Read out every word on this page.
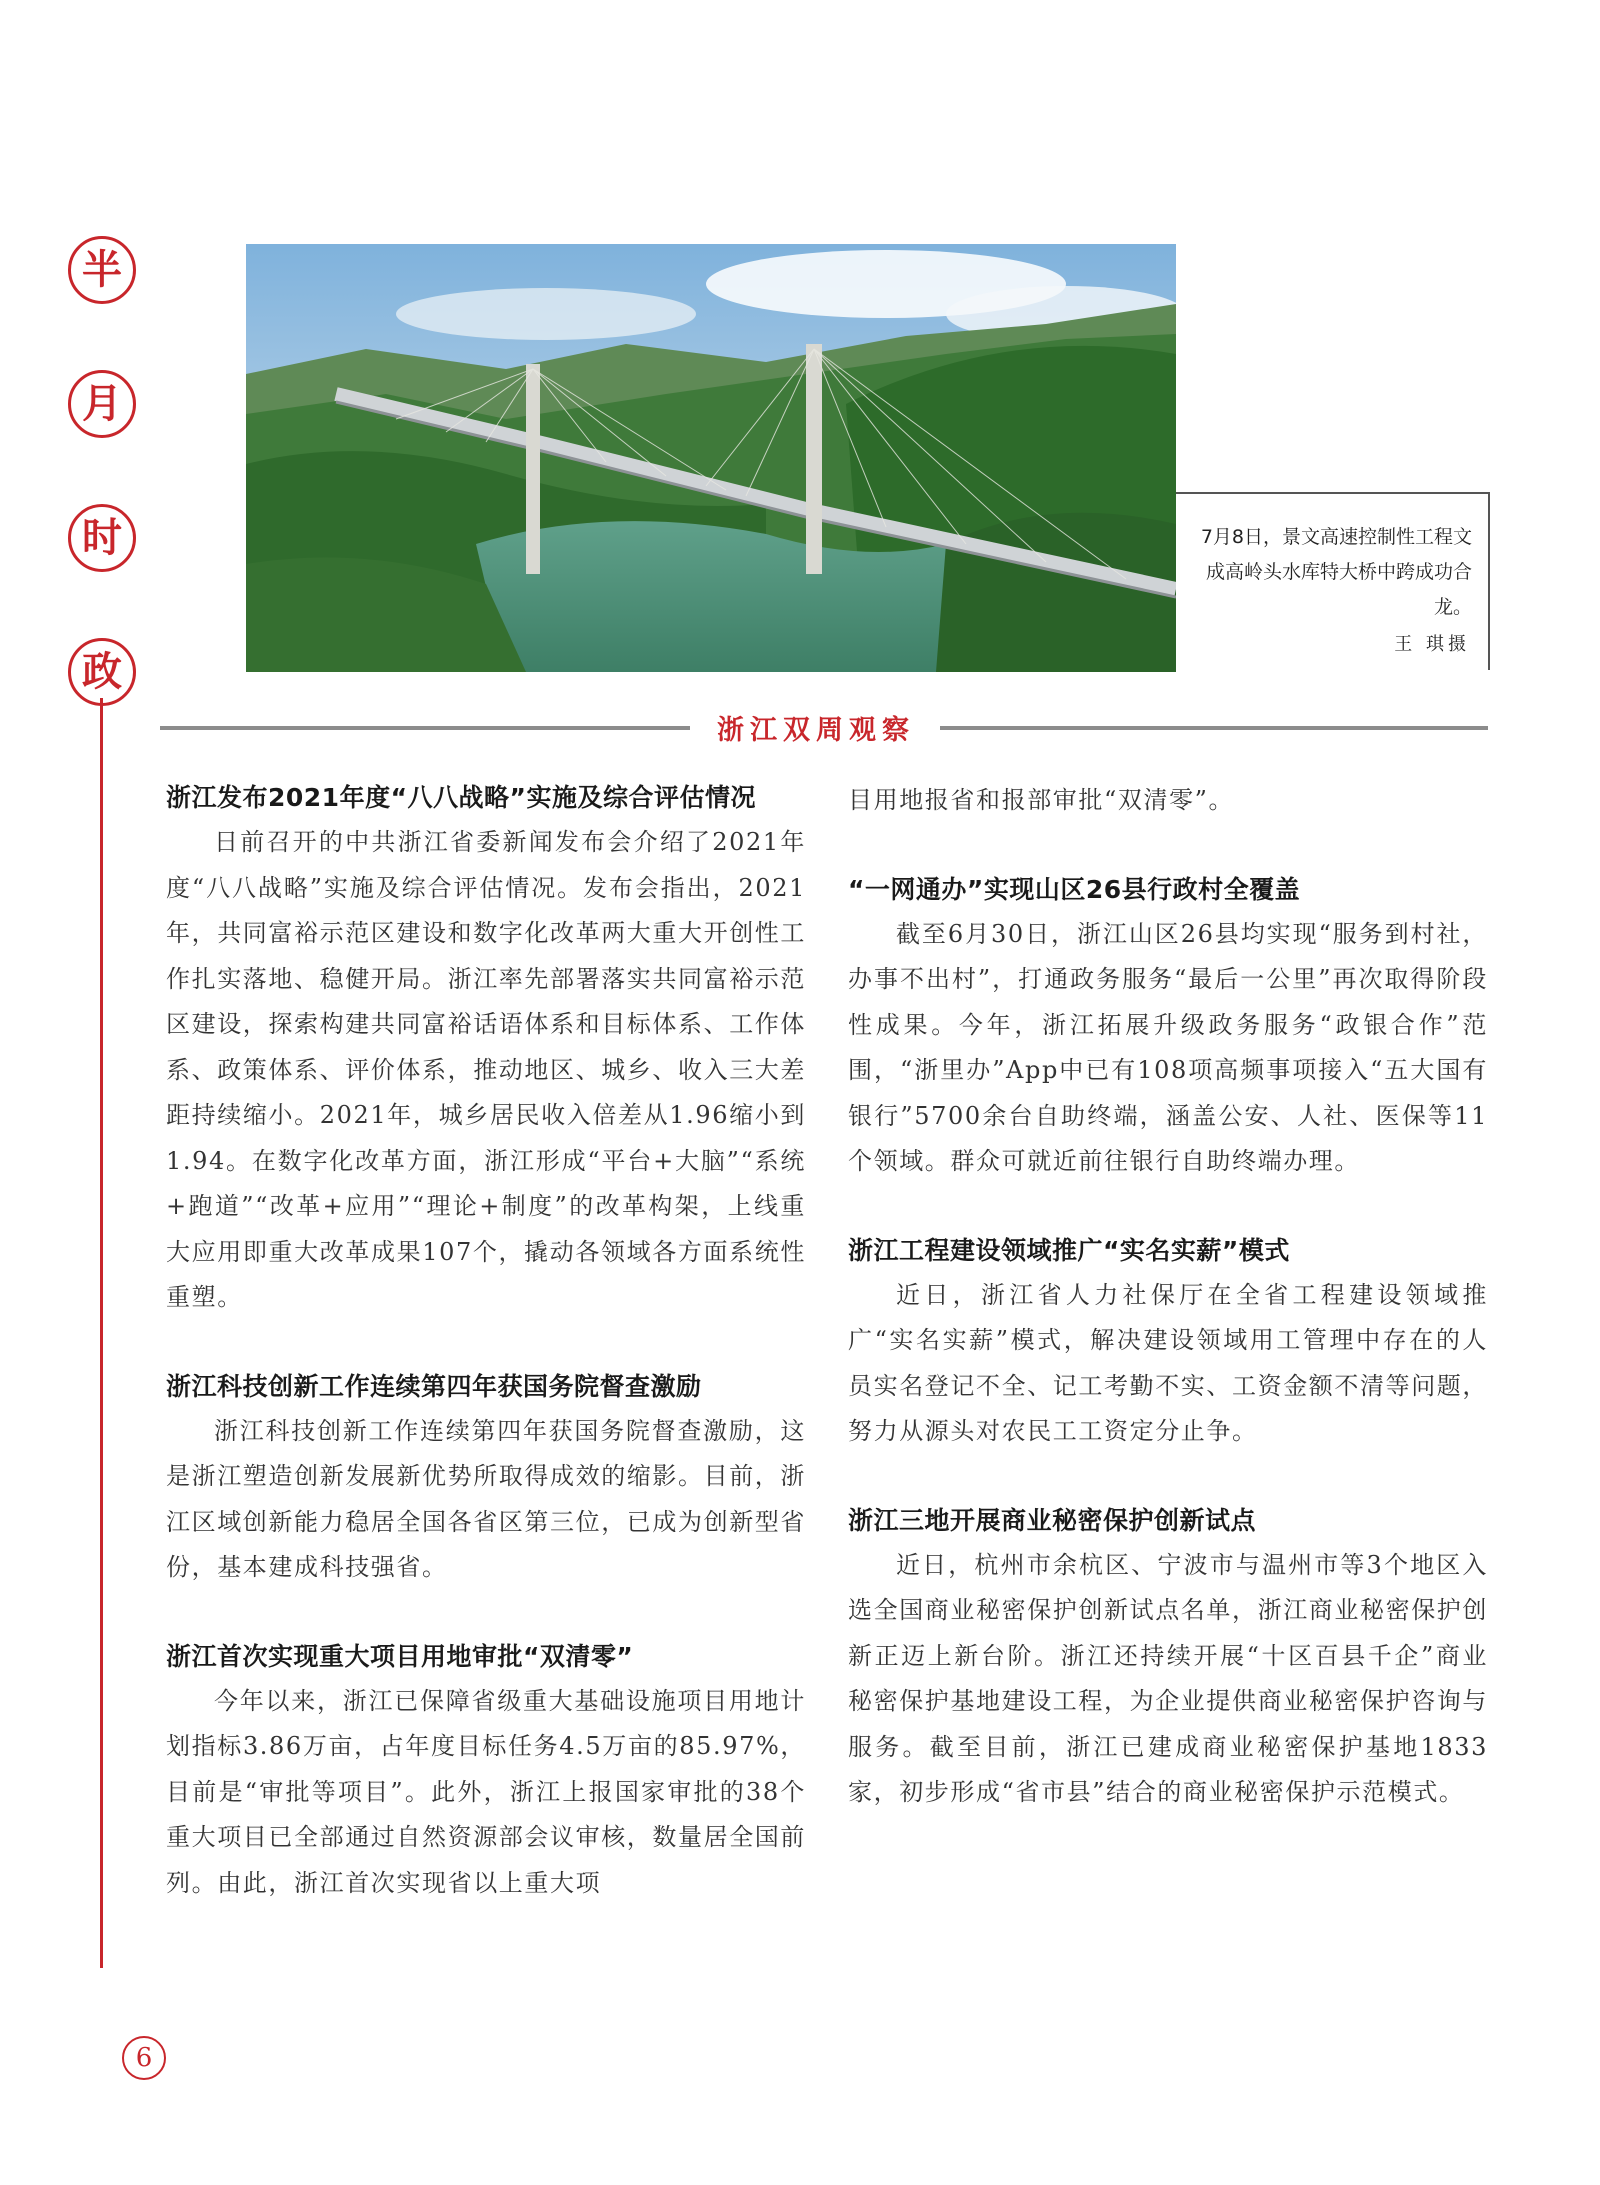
半
月
时
政
7月8日，景文高速控制性工程文成高岭头水库特大桥中跨成功合龙。
王 琪摄
浙江双周观察
浙江发布2021年度“八八战略”实施及综合评估情况
日前召开的中共浙江省委新闻发布会介绍了2021年度“八八战略”实施及综合评估情况。发布会指出，2021年，共同富裕示范区建设和数字化改革两大重大开创性工作扎实落地、稳健开局。浙江率先部署落实共同富裕示范区建设，探索构建共同富裕话语体系和目标体系、工作体系、政策体系、评价体系，推动地区、城乡、收入三大差距持续缩小。2021年，城乡居民收入倍差从1.96缩小到1.94。在数字化改革方面，浙江形成“平台+大脑”“系统+跑道”“改革+应用”“理论+制度”的改革构架，上线重大应用即重大改革成果107个，撬动各领域各方面系统性重塑。
浙江科技创新工作连续第四年获国务院督查激励
浙江科技创新工作连续第四年获国务院督查激励，这是浙江塑造创新发展新优势所取得成效的缩影。目前，浙江区域创新能力稳居全国各省区第三位，已成为创新型省份，基本建成科技强省。
浙江首次实现重大项目用地审批“双清零”
今年以来，浙江已保障省级重大基础设施项目用地计划指标3.86万亩，占年度目标任务4.5万亩的85.97%，目前是“审批等项目”。此外，浙江上报国家审批的38个重大项目已全部通过自然资源部会议审核，数量居全国前列。由此，浙江首次实现省以上重大项
目用地报省和报部审批“双清零”。
“一网通办”实现山区26县行政村全覆盖
截至6月30日，浙江山区26县均实现“服务到村社，办事不出村”，打通政务服务“最后一公里”再次取得阶段性成果。今年，浙江拓展升级政务服务“政银合作”范围，“浙里办”App中已有108项高频事项接入“五大国有银行”5700余台自助终端，涵盖公安、人社、医保等11个领域。群众可就近前往银行自助终端办理。
浙江工程建设领域推广“实名实薪”模式
近日，浙江省人力社保厅在全省工程建设领域推广“实名实薪”模式，解决建设领域用工管理中存在的人员实名登记不全、记工考勤不实、工资金额不清等问题，努力从源头对农民工工资定分止争。
浙江三地开展商业秘密保护创新试点
近日，杭州市余杭区、宁波市与温州市等3个地区入选全国商业秘密保护创新试点名单，浙江商业秘密保护创新正迈上新台阶。浙江还持续开展“十区百县千企”商业秘密保护基地建设工程，为企业提供商业秘密保护咨询与服务。截至目前，浙江已建成商业秘密保护基地1833家，初步形成“省市县”结合的商业秘密保护示范模式。
6
